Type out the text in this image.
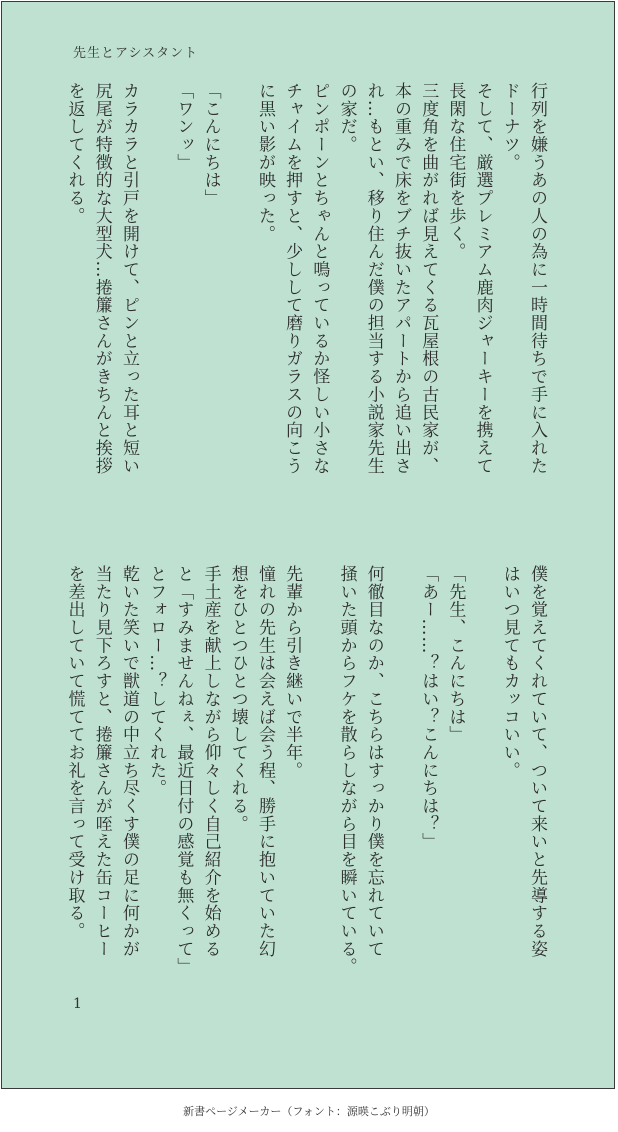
先生とアシスタント

行列を嫌うあの人の為に一時間待ちで手に入れた

ドーナツ。

そして、厳選プレミアム鹿肉ジャーキーを携えて

長閑な住宅街を歩く。

三度角を曲がれば見えてくる瓦屋根の古民家が、

本の重みで床をブチ抜いたアパートから追い出さ

れ…もとい、移り住んだ僕の担当する小説家先生

の家だ。

ピンポーンとちゃんと鳴っているか怪しい小さな

チャイムを押すと、少しして磨りガラスの向こう

に黒い影が映った。

「こんにちは」

「ワンッ」

カラカラと引戸を開けて、ピンと立った耳と短い

尻尾が特徴的な大型犬…捲簾さんがきちんと挨拶

を返してくれる。

僕を覚えてくれていて、ついて来いと先導する姿

はいつ見てもカッコいい。

「先生、こんにちは」

「あー……？はい？こんにちは？」

何徹目なのか、こちらはすっかり僕を忘れていて

掻いた頭からフケを散らしながら目を瞬いている。

先輩から引き継いで半年。

憧れの先生は会えば会う程、勝手に抱いていた幻

想をひとつひとつ壊してくれる。

手土産を献上しながら仰々しく自己紹介を始める

と「すみませんねぇ、最近日付の感覚も無くって」

とフォロー…？してくれた。

乾いた笑いで獣道の中立ち尽くす僕の足に何かが

当たり見下ろすと、捲簾さんが咥えた缶コーヒー

を差出していて慌ててお礼を言って受け取る。

1
新書ページメーカー（フォント：源暎こぶり明朝）
